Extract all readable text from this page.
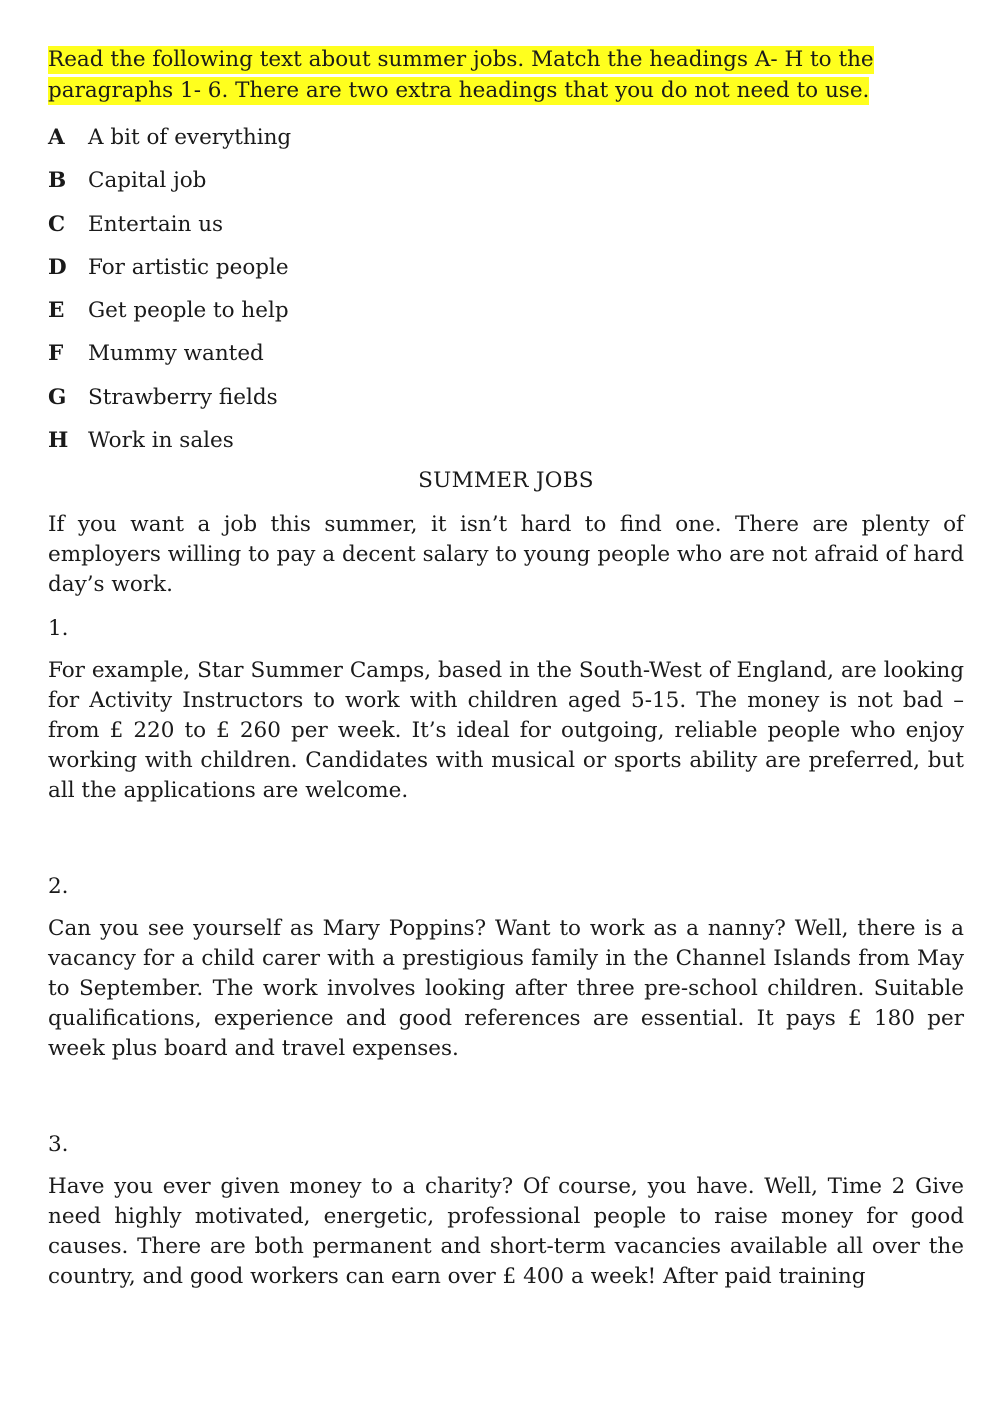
Read the following text about summer jobs. Match the headings A- H to the paragraphs 1- 6. There are two extra headings that you do not need to use.

A	A bit of everything
B	Capital job
C	Entertain us
D For artistic people
E	Get people to help
F	Mummy wanted
G	Strawberry fields
H Work in sales
SUMMER JOBS

If you want a job this summer, it isn’t hard to find one. There are plenty of employers willing to pay a decent salary to young people who are not afraid of hard day’s work.

1.

For example, Star Summer Camps, based in the South-West of England, are looking for Activity Instructors to work with children aged 5-15. The money is not bad – from £ 220 to £ 260 per week. It’s ideal for outgoing, reliable people who enjoy working with children. Candidates with musical or sports ability are preferred, but all the applications are welcome.

2.

Can you see yourself as Mary Poppins? Want to work as a nanny? Well, there is a vacancy for a child carer with a prestigious family in the Channel Islands from May to September. The work involves looking after three pre-school children. Suitable qualifications, experience and good references are essential. It pays £ 180 per week plus board and travel expenses.

3.

Have you ever given money to a charity? Of course, you have. Well, Time 2 Give need highly motivated, energetic, professional people to raise money for good causes. There are both permanent and short-term vacancies available all over the country, and good workers can earn over £ 400 a week! After paid training
